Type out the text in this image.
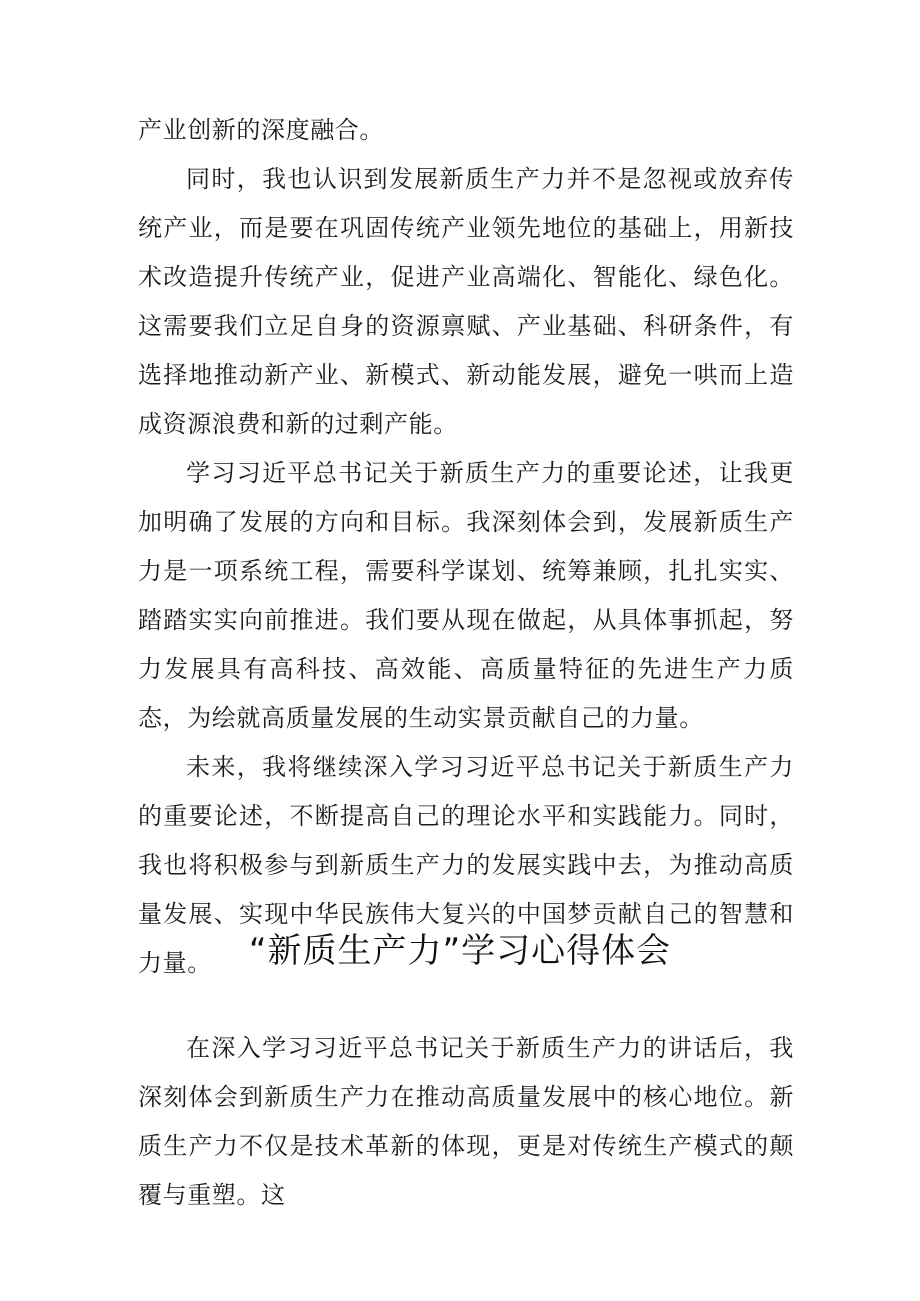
产业创新的深度融合。

同时，我也认识到发展新质生产力并不是忽视或放弃传统产业，而是要在巩固传统产业领先地位的基础上，用新技术改造提升传统产业，促进产业高端化、智能化、绿色化。这需要我们立足自身的资源禀赋、产业基础、科研条件，有选择地推动新产业、新模式、新动能发展，避免一哄而上造成资源浪费和新的过剩产能。

学习习近平总书记关于新质生产力的重要论述，让我更加明确了发展的方向和目标。我深刻体会到，发展新质生产力是一项系统工程，需要科学谋划、统筹兼顾，扎扎实实、踏踏实实向前推进。我们要从现在做起，从具体事抓起，努力发展具有高科技、高效能、高质量特征的先进生产力质态，为绘就高质量发展的生动实景贡献自己的力量。

未来，我将继续深入学习习近平总书记关于新质生产力的重要论述，不断提高自己的理论水平和实践能力。同时，我也将积极参与到新质生产力的发展实践中去，为推动高质量发展、实现中华民族伟大复兴的中国梦贡献自己的智慧和力量。	“新质生产力”学习心得体会

在深入学习习近平总书记关于新质生产力的讲话后，我深刻体会到新质生产力在推动高质量发展中的核心地位。新质生产力不仅是技术革新的体现，更是对传统生产模式的颠覆与重塑。这
